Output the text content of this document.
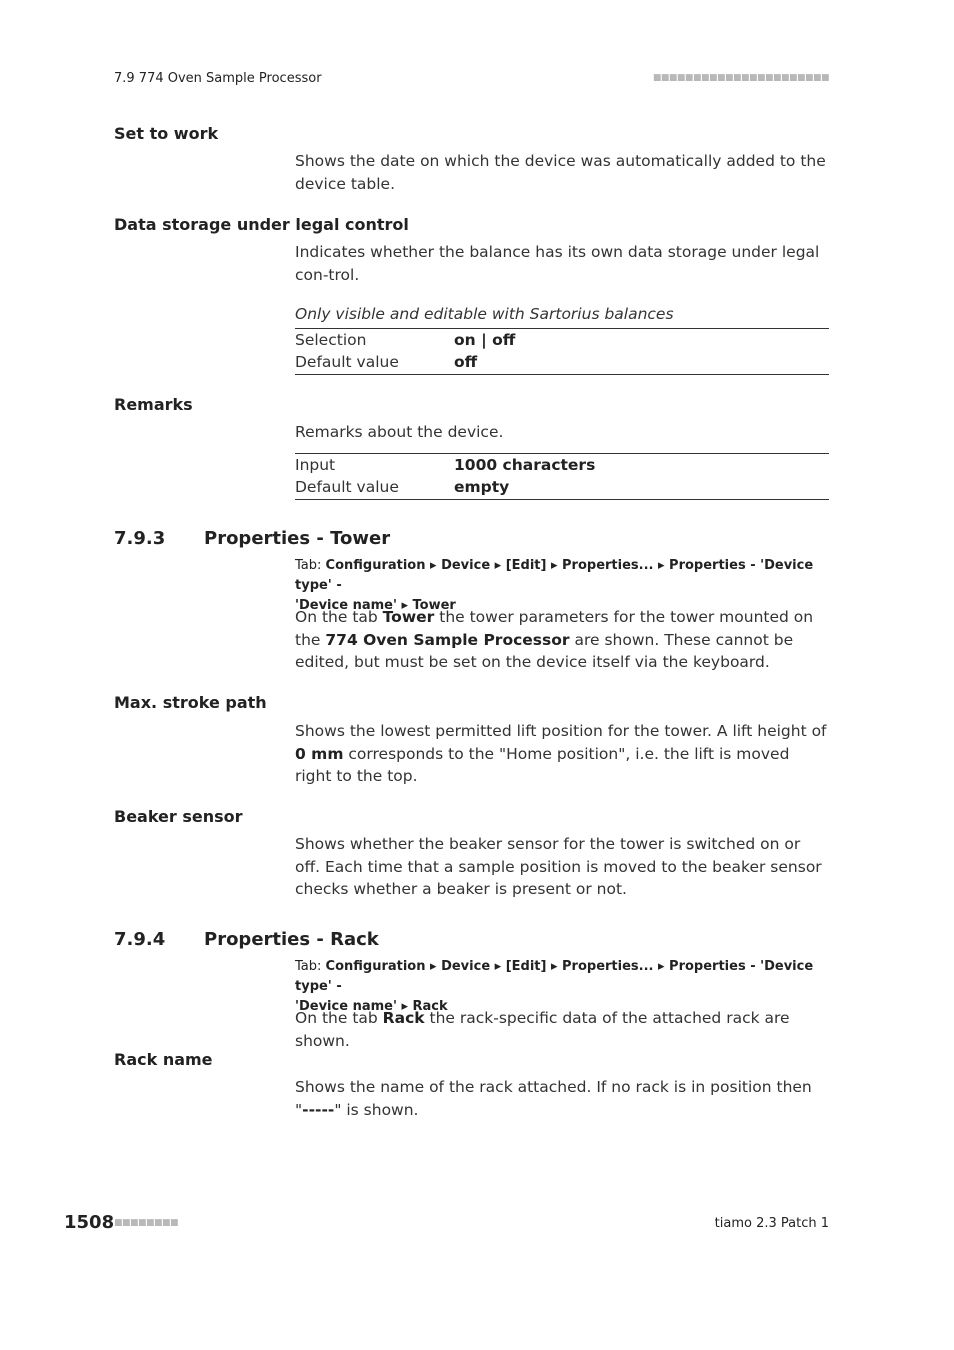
7.9 774 Oven Sample Processor	■■■■■■■■■■■■■■■■■■■■■■
Set to work
Shows the date on which the device was automatically added to the device table.
Data storage under legal control
Indicates whether the balance has its own data storage under legal con-trol.
Only visible and editable with Sartorius balances
Selection	on | off
Default value	off
Remarks
Remarks about the device.
Input	1000 characters
Default value	empty
7.9.3 Properties - Tower
Tab: Configuration ▸ Device ▸ [Edit] ▸ Properties... ▸ Properties - 'Device type' -
'Device name' ▸ Tower
On the tab Tower the tower parameters for the tower mounted on the 774 Oven Sample Processor are shown. These cannot be edited, but must be set on the device itself via the keyboard.
Max. stroke path
Shows the lowest permitted lift position for the tower. A lift height of 0 mm corresponds to the "Home position", i.e. the lift is moved right to the top.
Beaker sensor
Shows whether the beaker sensor for the tower is switched on or off. Each time that a sample position is moved to the beaker sensor checks whether a beaker is present or not.
7.9.4 Properties - Rack
Tab: Configuration ▸ Device ▸ [Edit] ▸ Properties... ▸ Properties - 'Device type' -
'Device name' ▸ Rack
On the tab Rack the rack-specific data of the attached rack are shown.
Rack name
Shows the name of the rack attached. If no rack is in position then "-----" is shown.
1508 ■■■■■■■■	tiamo 2.3 Patch 1
